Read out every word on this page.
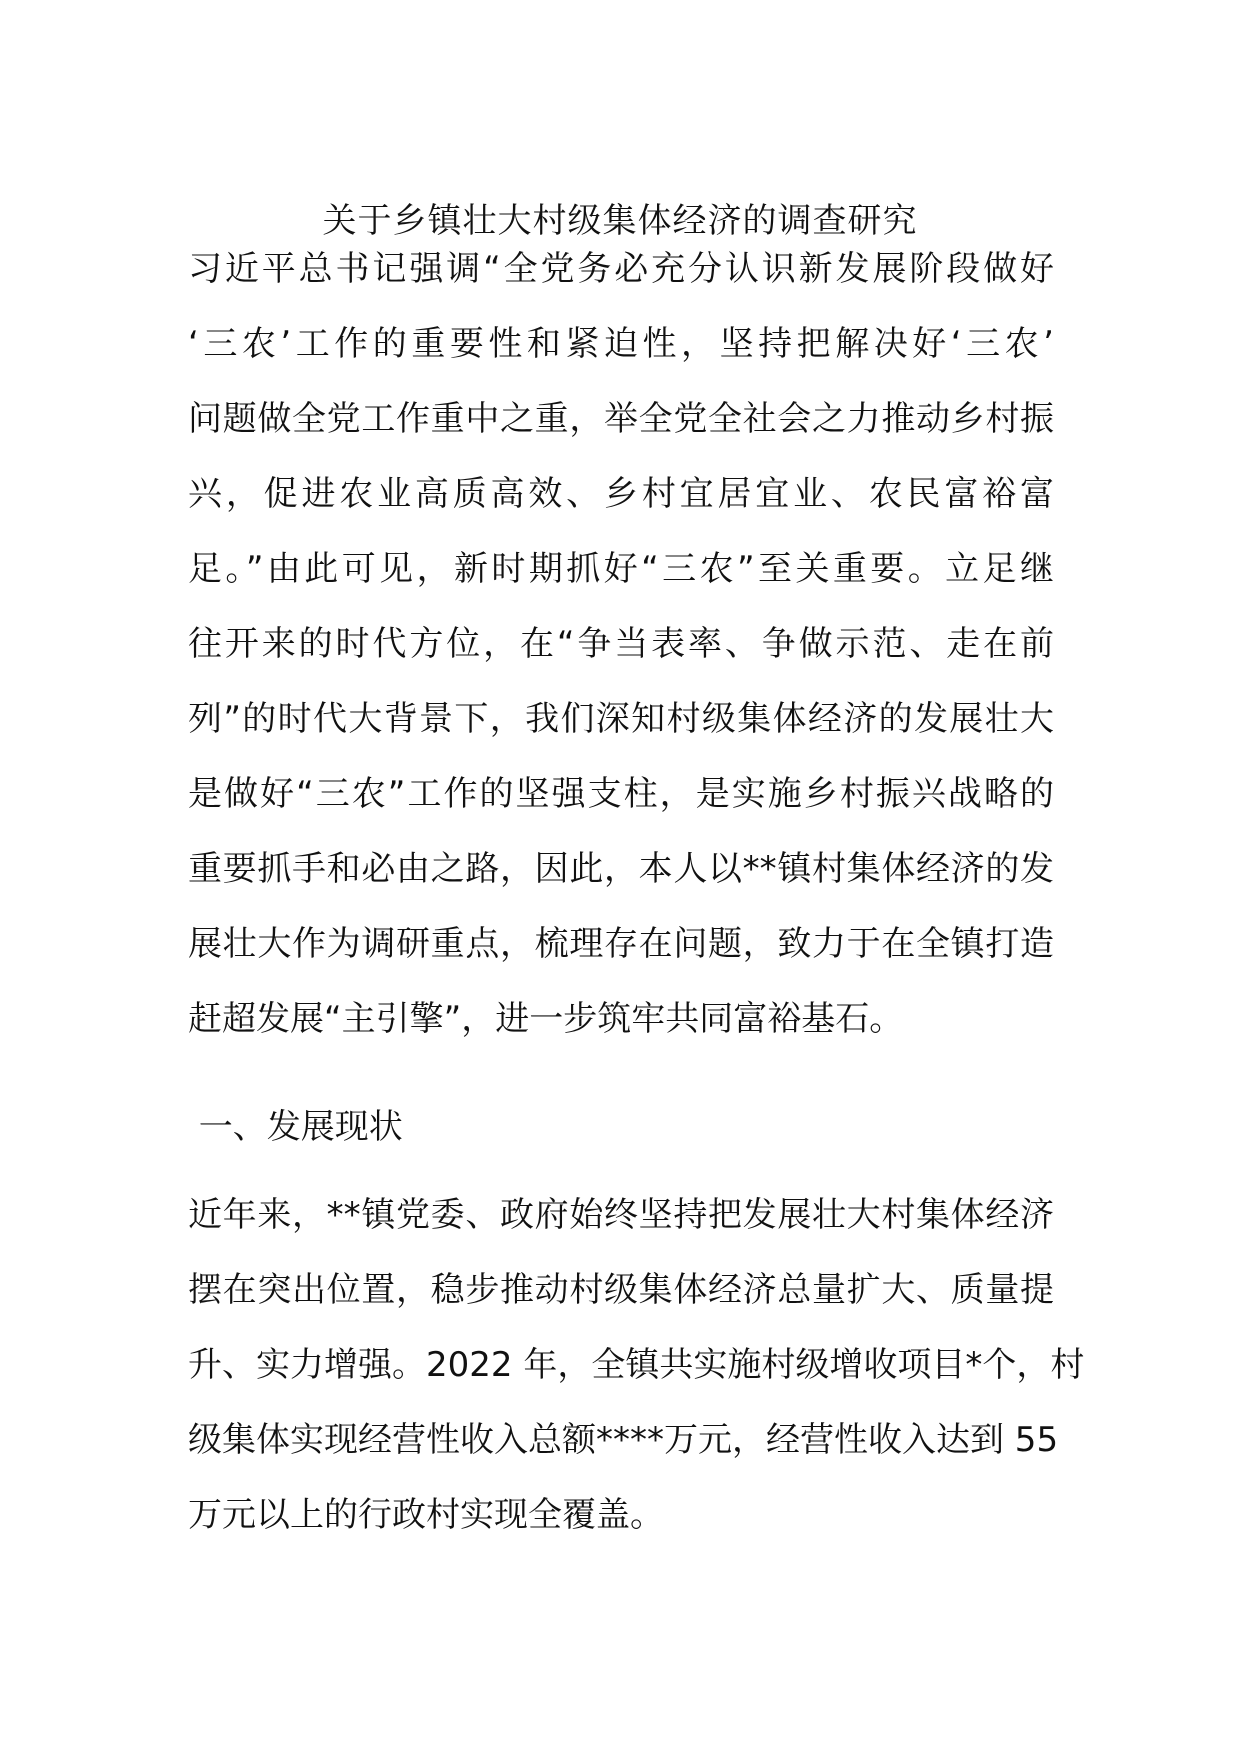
关于乡镇壮大村级集体经济的调查研究
习近平总书记强调“全党务必充分认识新发展阶段做好
‘三农’工作的重要性和紧迫性，坚持把解决好‘三农’
问题做全党工作重中之重，举全党全社会之力推动乡村振
兴，促进农业高质高效、乡村宜居宜业、农民富裕富
足。”由此可见，新时期抓好“三农”至关重要。立足继
往开来的时代方位，在“争当表率、争做示范、走在前
列”的时代大背景下，我们深知村级集体经济的发展壮大
是做好“三农”工作的坚强支柱，是实施乡村振兴战略的
重要抓手和必由之路，因此，本人以**镇村集体经济的发
展壮大作为调研重点，梳理存在问题，致力于在全镇打造
赶超发展“主引擎”，进一步筑牢共同富裕基石。
一、发展现状
近年来，**镇党委、政府始终坚持把发展壮大村集体经济
摆在突出位置，稳步推动村级集体经济总量扩大、质量提
升、实力增强。2022 年，全镇共实施村级增收项目*个，村
级集体实现经营性收入总额****万元，经营性收入达到 55
万元以上的行政村实现全覆盖。
